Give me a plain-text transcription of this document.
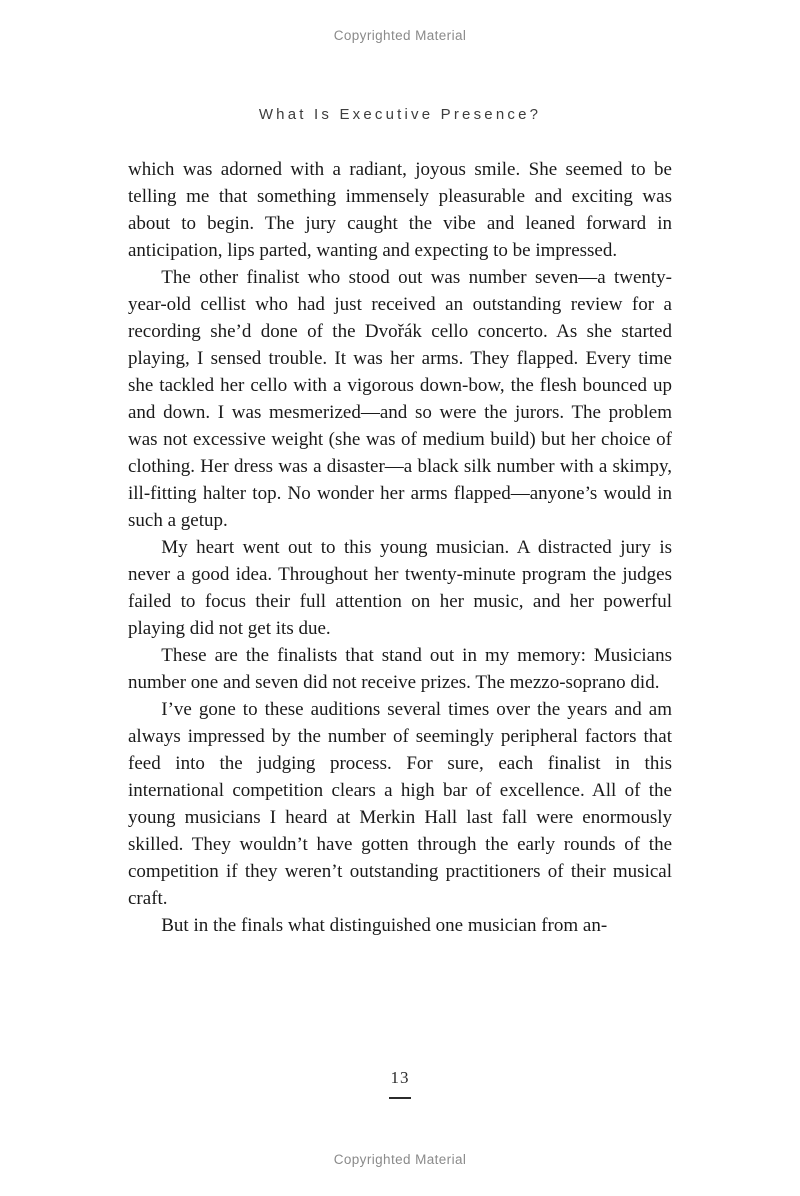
Copyrighted Material
What Is Executive Presence?

which was adorned with a radiant, joyous smile. She seemed to be telling me that something immensely pleasurable and exciting was about to begin. The jury caught the vibe and leaned forward in anticipation, lips parted, wanting and expecting to be impressed.

The other finalist who stood out was number seven—a twenty-year-old cellist who had just received an outstanding review for a recording she’d done of the Dvořák cello concerto. As she started playing, I sensed trouble. It was her arms. They flapped. Every time she tackled her cello with a vigorous down-bow, the flesh bounced up and down. I was mesmerized—and so were the jurors. The problem was not excessive weight (she was of medium build) but her choice of clothing. Her dress was a disaster—a black silk number with a skimpy, ill-fitting halter top. No wonder her arms flapped—anyone’s would in such a getup.

My heart went out to this young musician. A distracted jury is never a good idea. Throughout her twenty-minute program the judges failed to focus their full attention on her music, and her powerful playing did not get its due.

These are the finalists that stand out in my memory: Musicians number one and seven did not receive prizes. The mezzo-soprano did.

I’ve gone to these auditions several times over the years and am always impressed by the number of seemingly peripheral factors that feed into the judging process. For sure, each finalist in this international competition clears a high bar of excellence. All of the young musicians I heard at Merkin Hall last fall were enormously skilled. They wouldn’t have gotten through the early rounds of the competition if they weren’t outstanding practitioners of their musical craft.

But in the finals what distinguished one musician from an-

13
Copyrighted Material
